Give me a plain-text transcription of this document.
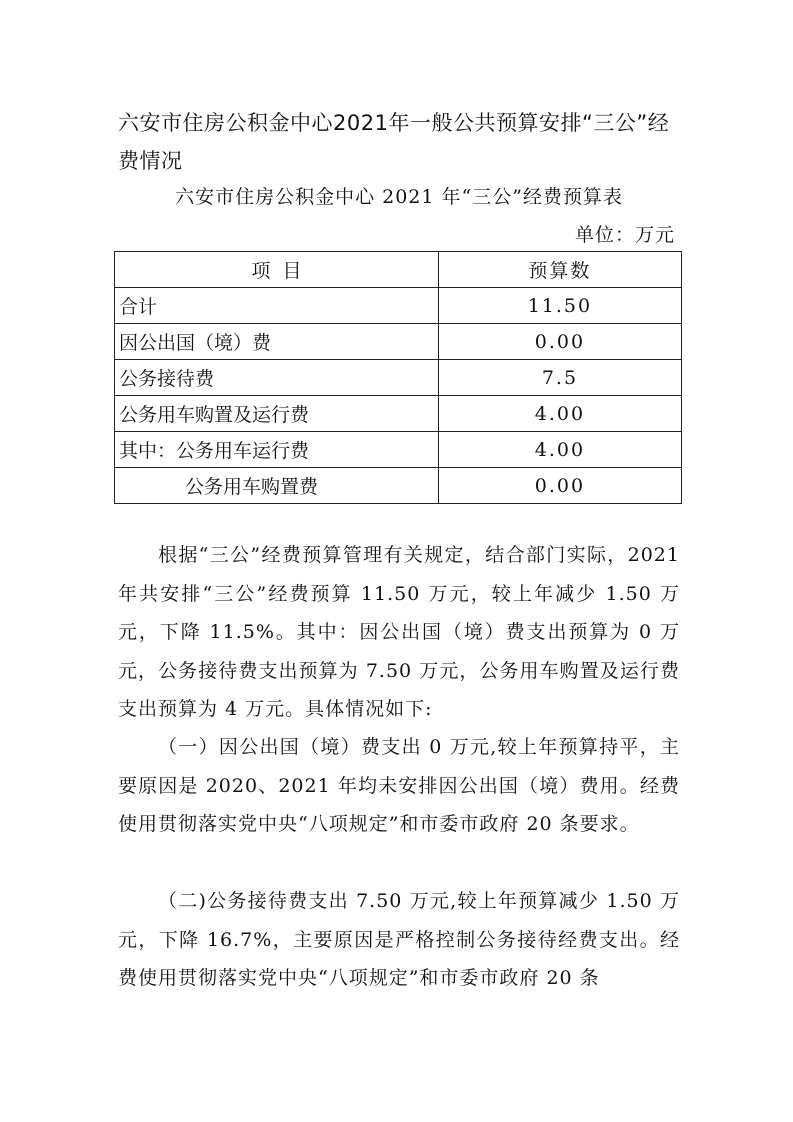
六安市住房公积金中心2021年一般公共预算安排“三公”经费情况
六安市住房公积金中心 2021 年“三公”经费预算表
单位：万元
项  目	预算数
合计	11.50
因公出国（境）费	0.00
公务接待费	7.5
公务用车购置及运行费	4.00
其中：公务用车运行费	4.00
公务用车购置费	0.00

根据“三公”经费预算管理有关规定，结合部门实际，2021 年共安排“三公”经费预算 11.50 万元，较上年减少 1.50 万元，下降 11.5%。其中：因公出国（境）费支出预算为 0 万元，公务接待费支出预算为 7.50 万元，公务用车购置及运行费支出预算为 4 万元。具体情况如下:

（一）因公出国（境）费支出 0 万元,较上年预算持平，主要原因是 2020、2021 年均未安排因公出国（境）费用。经费使用贯彻落实党中央“八项规定”和市委市政府 20 条要求。

（二)公务接待费支出 7.50 万元,较上年预算减少 1.50 万元，下降 16.7%，主要原因是严格控制公务接待经费支出。经费使用贯彻落实党中央“八项规定”和市委市政府 20 条
